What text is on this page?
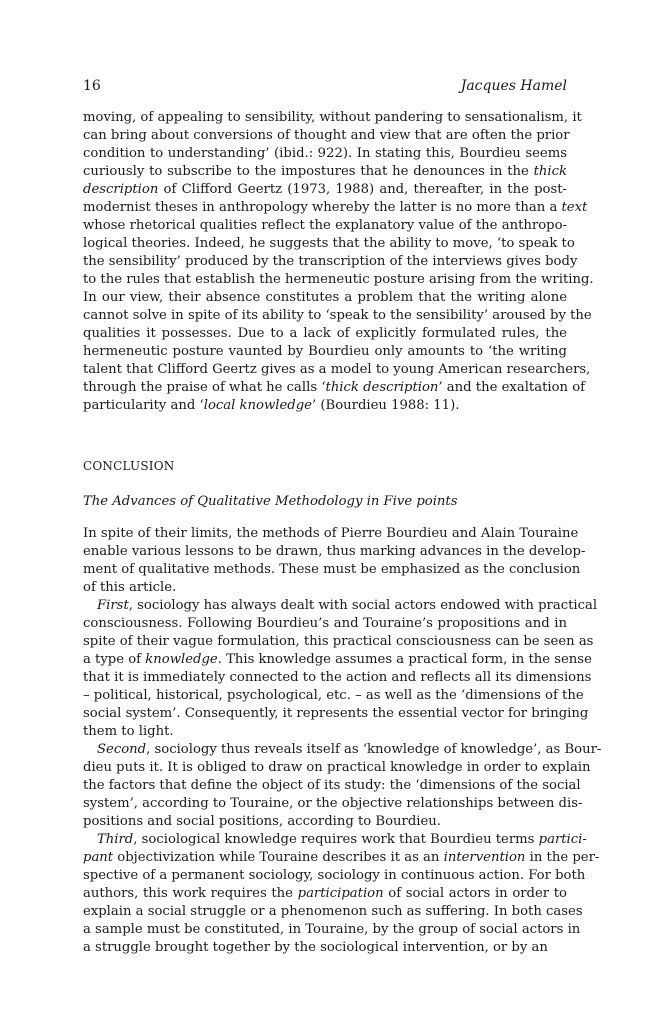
16	Jacques Hamel
moving, of appealing to sensibility, without pandering to sensationalism, it
can bring about conversions of thought and view that are often the prior
condition to understanding’ (ibid.: 922). In stating this, Bourdieu seems
curiously to subscribe to the impostures that he denounces in the thick
description of Clifford Geertz (1973, 1988) and, thereafter, in the post-
modernist theses in anthropology whereby the latter is no more than a text
whose rhetorical qualities reflect the explanatory value of the anthropo-
logical theories. Indeed, he suggests that the ability to move, ‘to speak to
the sensibility’ produced by the transcription of the interviews gives body
to the rules that establish the hermeneutic posture arising from the writing.
In our view, their absence constitutes a problem that the writing alone
cannot solve in spite of its ability to ‘speak to the sensibility’ aroused by the
qualities it possesses. Due to a lack of explicitly formulated rules, the
hermeneutic posture vaunted by Bourdieu only amounts to ‘the writing
talent that Clifford Geertz gives as a model to young American researchers,
through the praise of what he calls ‘thick description’ and the exaltation of
particularity and ‘local knowledge’ (Bourdieu 1988: 11).
CONCLUSION
The Advances of Qualitative Methodology in Five points
In spite of their limits, the methods of Pierre Bourdieu and Alain Touraine
enable various lessons to be drawn, thus marking advances in the develop-
ment of qualitative methods. These must be emphasized as the conclusion
of this article.
First, sociology has always dealt with social actors endowed with practical
consciousness. Following Bourdieu’s and Touraine’s propositions and in
spite of their vague formulation, this practical consciousness can be seen as
a type of knowledge. This knowledge assumes a practical form, in the sense
that it is immediately connected to the action and reflects all its dimensions
– political, historical, psychological, etc. – as well as the ‘dimensions of the
social system’. Consequently, it represents the essential vector for bringing
them to light.
Second, sociology thus reveals itself as ‘knowledge of knowledge’, as Bour-
dieu puts it. It is obliged to draw on practical knowledge in order to explain
the factors that define the object of its study: the ‘dimensions of the social
system’, according to Touraine, or the objective relationships between dis-
positions and social positions, according to Bourdieu.
Third, sociological knowledge requires work that Bourdieu terms partici-
pant objectivization while Touraine describes it as an intervention in the per-
spective of a permanent sociology, sociology in continuous action. For both
authors, this work requires the participation of social actors in order to
explain a social struggle or a phenomenon such as suffering. In both cases
a sample must be constituted, in Touraine, by the group of social actors in
a struggle brought together by the sociological intervention, or by an
